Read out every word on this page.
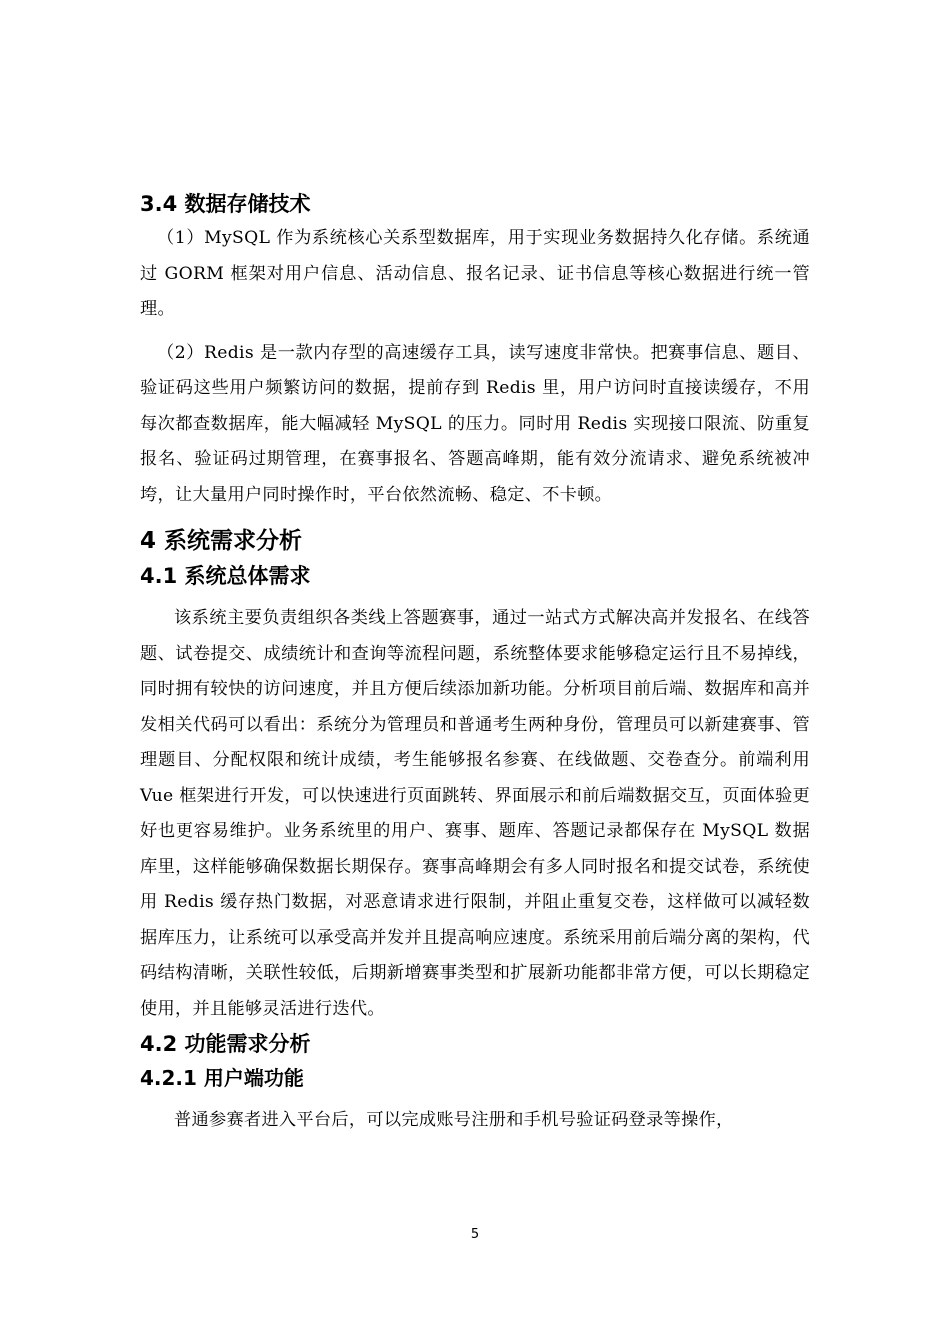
3.4 数据存储技术

（1）MySQL 作为系统核心关系型数据库，用于实现业务数据持久化存储。系统通过 GORM 框架对用户信息、活动信息、报名记录、证书信息等核心数据进行统一管理。

（2）Redis 是一款内存型的高速缓存工具，读写速度非常快。把赛事信息、题目、验证码这些用户频繁访问的数据，提前存到 Redis 里，用户访问时直接读缓存，不用每次都查数据库，能大幅减轻 MySQL 的压力。同时用 Redis 实现接口限流、防重复报名、验证码过期管理，在赛事报名、答题高峰期，能有效分流请求、避免系统被冲垮，让大量用户同时操作时，平台依然流畅、稳定、不卡顿。

4 系统需求分析
4.1 系统总体需求

该系统主要负责组织各类线上答题赛事，通过一站式方式解决高并发报名、在线答题、试卷提交、成绩统计和查询等流程问题，系统整体要求能够稳定运行且不易掉线，同时拥有较快的访问速度，并且方便后续添加新功能。分析项目前后端、数据库和高并发相关代码可以看出：系统分为管理员和普通考生两种身份，管理员可以新建赛事、管理题目、分配权限和统计成绩，考生能够报名参赛、在线做题、交卷查分。前端利用 Vue 框架进行开发，可以快速进行页面跳转、界面展示和前后端数据交互，页面体验更好也更容易维护。业务系统里的用户、赛事、题库、答题记录都保存在 MySQL 数据库里，这样能够确保数据长期保存。赛事高峰期会有多人同时报名和提交试卷，系统使用 Redis 缓存热门数据，对恶意请求进行限制，并阻止重复交卷，这样做可以减轻数据库压力，让系统可以承受高并发并且提高响应速度。系统采用前后端分离的架构，代码结构清晰，关联性较低，后期新增赛事类型和扩展新功能都非常方便，可以长期稳定使用，并且能够灵活进行迭代。

4.2 功能需求分析
4.2.1 用户端功能

普通参赛者进入平台后，可以完成账号注册和手机号验证码登录等操作，

5
